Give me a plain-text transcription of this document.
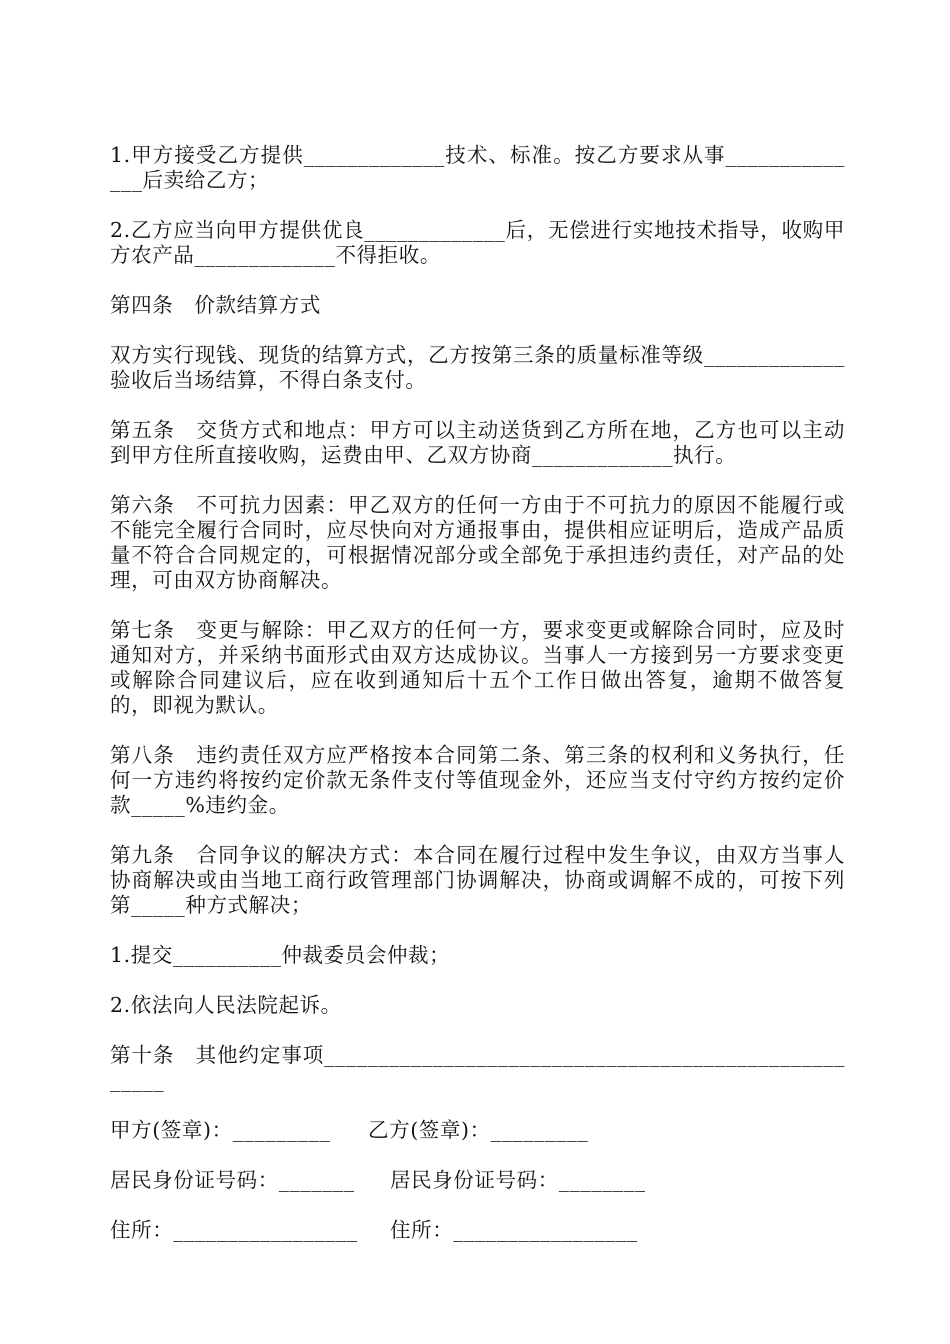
1.甲方接受乙方提供_____________技术、标准。按乙方要求从事______________后卖给乙方；

2.乙方应当向甲方提供优良_____________后，无偿进行实地技术指导，收购甲方农产品_____________不得拒收。

第四条　价款结算方式

双方实行现钱、现货的结算方式，乙方按第三条的质量标准等级_____________验收后当场结算，不得白条支付。

第五条　交货方式和地点：甲方可以主动送货到乙方所在地，乙方也可以主动到甲方住所直接收购，运费由甲、乙双方协商_____________执行。

第六条　不可抗力因素：甲乙双方的任何一方由于不可抗力的原因不能履行或不能完全履行合同时，应尽快向对方通报事由，提供相应证明后，造成产品质量不符合合同规定的，可根据情况部分或全部免于承担违约责任，对产品的处理，可由双方协商解决。

第七条　变更与解除：甲乙双方的任何一方，要求变更或解除合同时，应及时通知对方，并采纳书面形式由双方达成协议。当事人一方接到另一方要求变更或解除合同建议后，应在收到通知后十五个工作日做出答复，逾期不做答复的，即视为默认。

第八条　违约责任双方应严格按本合同第二条、第三条的权利和义务执行，任何一方违约将按约定价款无条件支付等值现金外，还应当支付守约方按约定价款_____%违约金。

第九条　合同争议的解决方式：本合同在履行过程中发生争议，由双方当事人协商解决或由当地工商行政管理部门协调解决，协商或调解不成的，可按下列第_____种方式解决；

1.提交__________仲裁委员会仲裁；

2.依法向人民法院起诉。

第十条　其他约定事项_____________________________________________________

甲方(签章)：_________ 乙方(签章)：_________
居民身份证号码：_______ 居民身份证号码：________
住所：_________________ 住所：_________________
